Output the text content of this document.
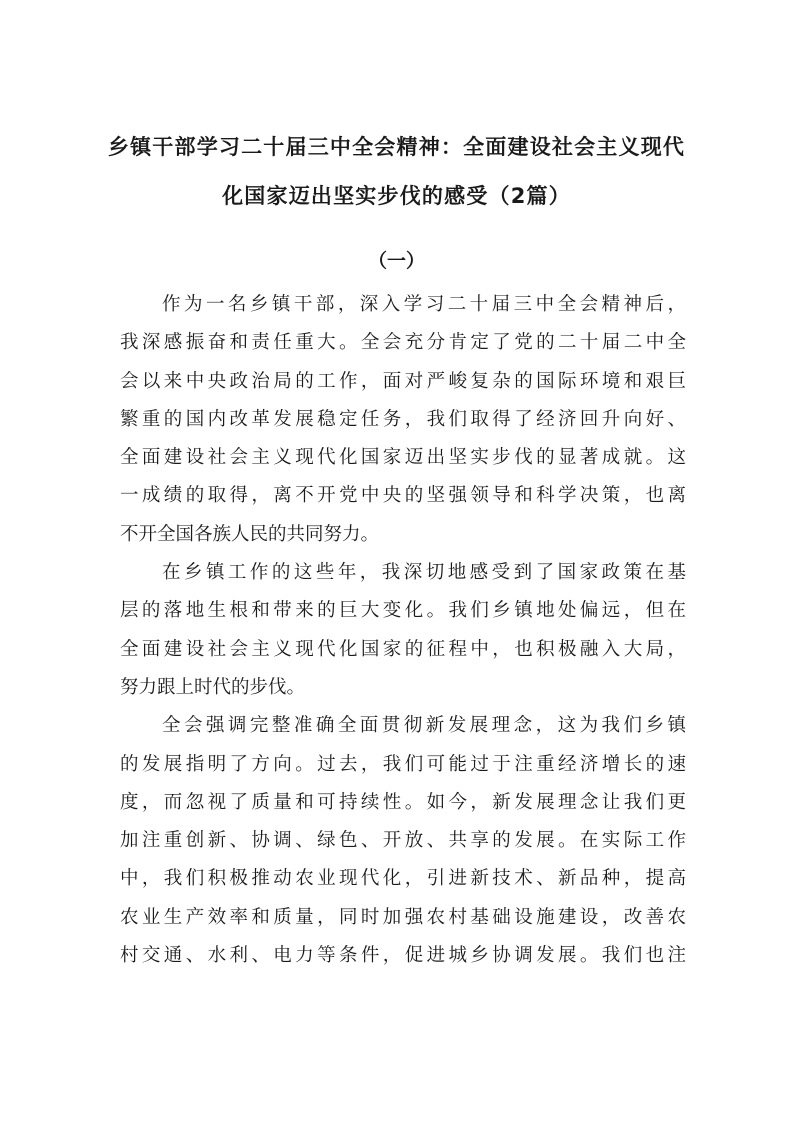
乡镇干部学习二十届三中全会精神：全面建设社会主义现代
化国家迈出坚实步伐的感受（2篇）
（一）
作为一名乡镇干部，深入学习二十届三中全会精神后，
我深感振奋和责任重大。全会充分肯定了党的二十届二中全
会以来中央政治局的工作，面对严峻复杂的国际环境和艰巨
繁重的国内改革发展稳定任务，我们取得了经济回升向好、
全面建设社会主义现代化国家迈出坚实步伐的显著成就。这
一成绩的取得，离不开党中央的坚强领导和科学决策，也离
不开全国各族人民的共同努力。
在乡镇工作的这些年，我深切地感受到了国家政策在基
层的落地生根和带来的巨大变化。我们乡镇地处偏远，但在
全面建设社会主义现代化国家的征程中，也积极融入大局，
努力跟上时代的步伐。
全会强调完整准确全面贯彻新发展理念，这为我们乡镇
的发展指明了方向。过去，我们可能过于注重经济增长的速
度，而忽视了质量和可持续性。如今，新发展理念让我们更
加注重创新、协调、绿色、开放、共享的发展。在实际工作
中，我们积极推动农业现代化，引进新技术、新品种，提高
农业生产效率和质量，同时加强农村基础设施建设，改善农
村交通、水利、电力等条件，促进城乡协调发展。我们也注
